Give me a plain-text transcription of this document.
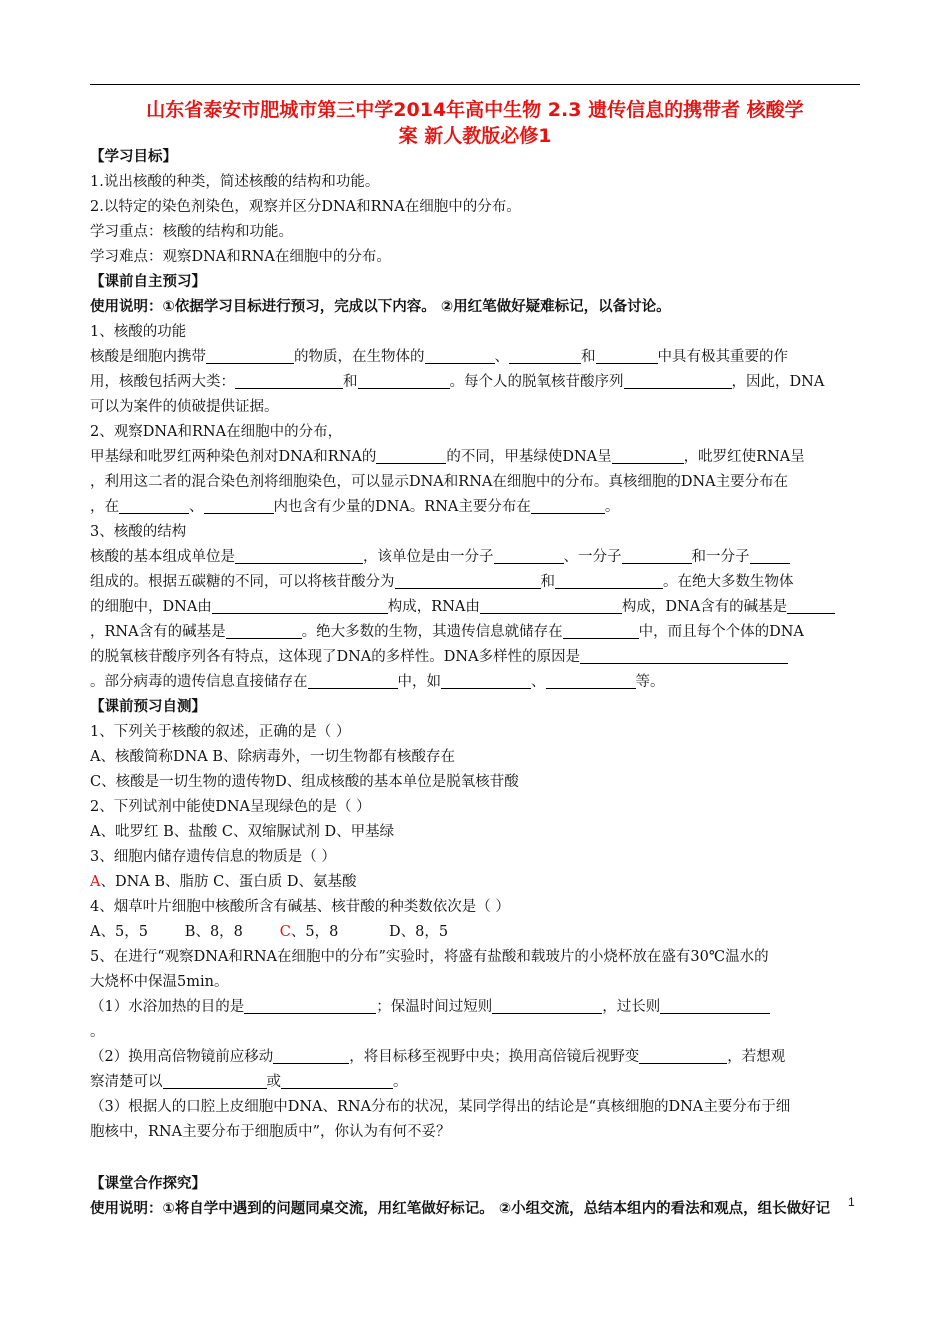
山东省泰安市肥城市第三中学2014年高中生物 2.3 遗传信息的携带者 核酸学
案 新人教版必修1
【学习目标】
1.说出核酸的种类，简述核酸的结构和功能。
2.以特定的染色剂染色，观察并区分DNA和RNA在细胞中的分布。
学习重点：核酸的结构和功能。
学习难点：观察DNA和RNA在细胞中的分布。
【课前自主预习】
使用说明：①依据学习目标进行预习，完成以下内容。 ②用红笔做好疑难标记，以备讨论。
1、核酸的功能
核酸是细胞内携带	的物质，在生物体的	、	和	中具有极其重要的作
用，核酸包括两大类：	和	。每个人的脱氧核苷酸序列	，因此，DNA
可以为案件的侦破提供证据。
2、观察DNA和RNA在细胞中的分布，
甲基绿和吡罗红两种染色剂对DNA和RNA的	的不同，甲基绿使DNA呈	，吡罗红使RNA呈
，利用这二者的混合染色剂将细胞染色，可以显示DNA和RNA在细胞中的分布。真核细胞的DNA主要分布在
，在	、	内也含有少量的DNA。RNA主要分布在	。
3、核酸的结构
核酸的基本组成单位是	，该单位是由一分子	、一分子	和一分子
组成的。根据五碳糖的不同，可以将核苷酸分为	和	。在绝大多数生物体
的细胞中，DNA由	构成，RNA由	构成，DNA含有的碱基是
，RNA含有的碱基是	。绝大多数的生物，其遗传信息就储存在	中，而且每个个体的DNA
的脱氧核苷酸序列各有特点，这体现了DNA的多样性。DNA多样性的原因是
。部分病毒的遗传信息直接储存在	中，如	、	等。
【课前预习自测】
1、下列关于核酸的叙述，正确的是（ ）
A、核酸简称DNA B、除病毒外，一切生物都有核酸存在
C、核酸是一切生物的遗传物D、组成核酸的基本单位是脱氧核苷酸
2、下列试剂中能使DNA呈现绿色的是（ ）
A、吡罗红 B、盐酸 C、双缩脲试剂 D、甲基绿
3、细胞内储存遗传信息的物质是（ ）
A、DNA B、脂肪 C、蛋白质 D、氨基酸
4、烟草叶片细胞中核酸所含有碱基、核苷酸的种类数依次是（ ）
A、5，5        B、8，8        C、5，8           D、8，5
5、在进行“观察DNA和RNA在细胞中的分布”实验时，将盛有盐酸和载玻片的小烧杯放在盛有30℃温水的
大烧杯中保温5min。
（1）水浴加热的目的是	；保温时间过短则	，过长则
。
（2）换用高倍物镜前应移动	，将目标移至视野中央；换用高倍镜后视野变	，若想观
察清楚可以	或	。
（3）根据人的口腔上皮细胞中DNA、RNA分布的状况，某同学得出的结论是“真核细胞的DNA主要分布于细
胞核中，RNA主要分布于细胞质中”，你认为有何不妥？
【课堂合作探究】
使用说明：①将自学中遇到的问题同桌交流，用红笔做好标记。 ②小组交流，总结本组内的看法和观点，组长做好记	1
